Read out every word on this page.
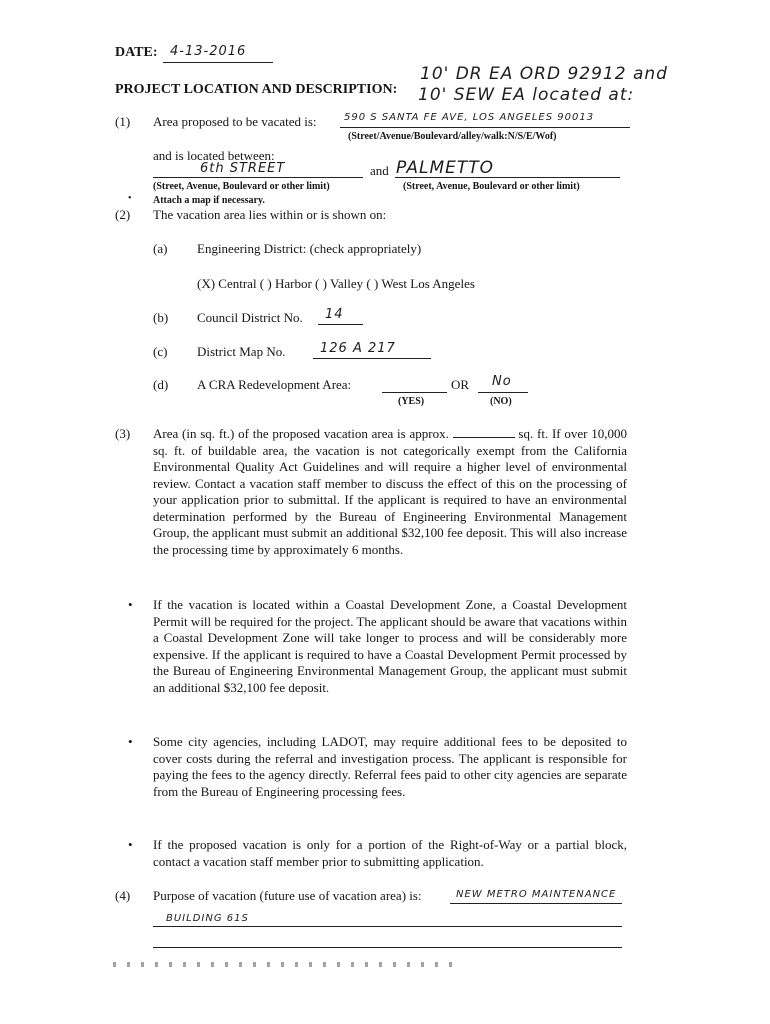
DATE: 4-13-2016
10' DR EA ORD 92912 and
PROJECT LOCATION AND DESCRIPTION: 10' SEW EA located at:
(1) Area proposed to be vacated is:	590 S SANTA FE AVE, LOS ANGELES 90013
(Street/Avenue/Boulevard/alley/walk:N/S/E/Wof)
and is located between:
6th STREET	and PALMETTO
(Street, Avenue, Boulevard or other limit)	(Street, Avenue, Boulevard or other limit)
• Attach a map if necessary.
(2) The vacation area lies within or is shown on:
(a) Engineering District: (check appropriately)
(X) Central ( ) Harbor ( ) Valley ( ) West Los Angeles
(b) Council District No. 14
(c) District Map No.	126 A 217
(d) A CRA Redevelopment Area:	OR No
(YES)	(NO)
(3) Area (in sq. ft.) of the proposed vacation area is approx.	sq. ft. If over 10,000 sq. ft. of buildable area, the vacation is not categorically exempt from the California Environmental Quality Act Guidelines and will require a higher level of environmental review. Contact a vacation staff member to discuss the effect of this on the processing of your application prior to submittal. If the applicant is required to have an environmental determination performed by the Bureau of Engineering Environmental Management Group, the applicant must submit an additional $32,100 fee deposit. This will also increase the processing time by approximately 6 months.
• If the vacation is located within a Coastal Development Zone, a Coastal Development Permit will be required for the project. The applicant should be aware that vacations within a Coastal Development Zone will take longer to process and will be considerably more expensive. If the applicant is required to have a Coastal Development Permit processed by the Bureau of Engineering Environmental Management Group, the applicant must submit an additional $32,100 fee deposit.
• Some city agencies, including LADOT, may require additional fees to be deposited to cover costs during the referral and investigation process. The applicant is responsible for paying the fees to the agency directly. Referral fees paid to other city agencies are separate from the Bureau of Engineering processing fees.
• If the proposed vacation is only for a portion of the Right-of-Way or a partial block, contact a vacation staff member prior to submitting application.
(4) Purpose of vacation (future use of vacation area) is:	NEW METRO MAINTENANCE
BUILDING 61S
